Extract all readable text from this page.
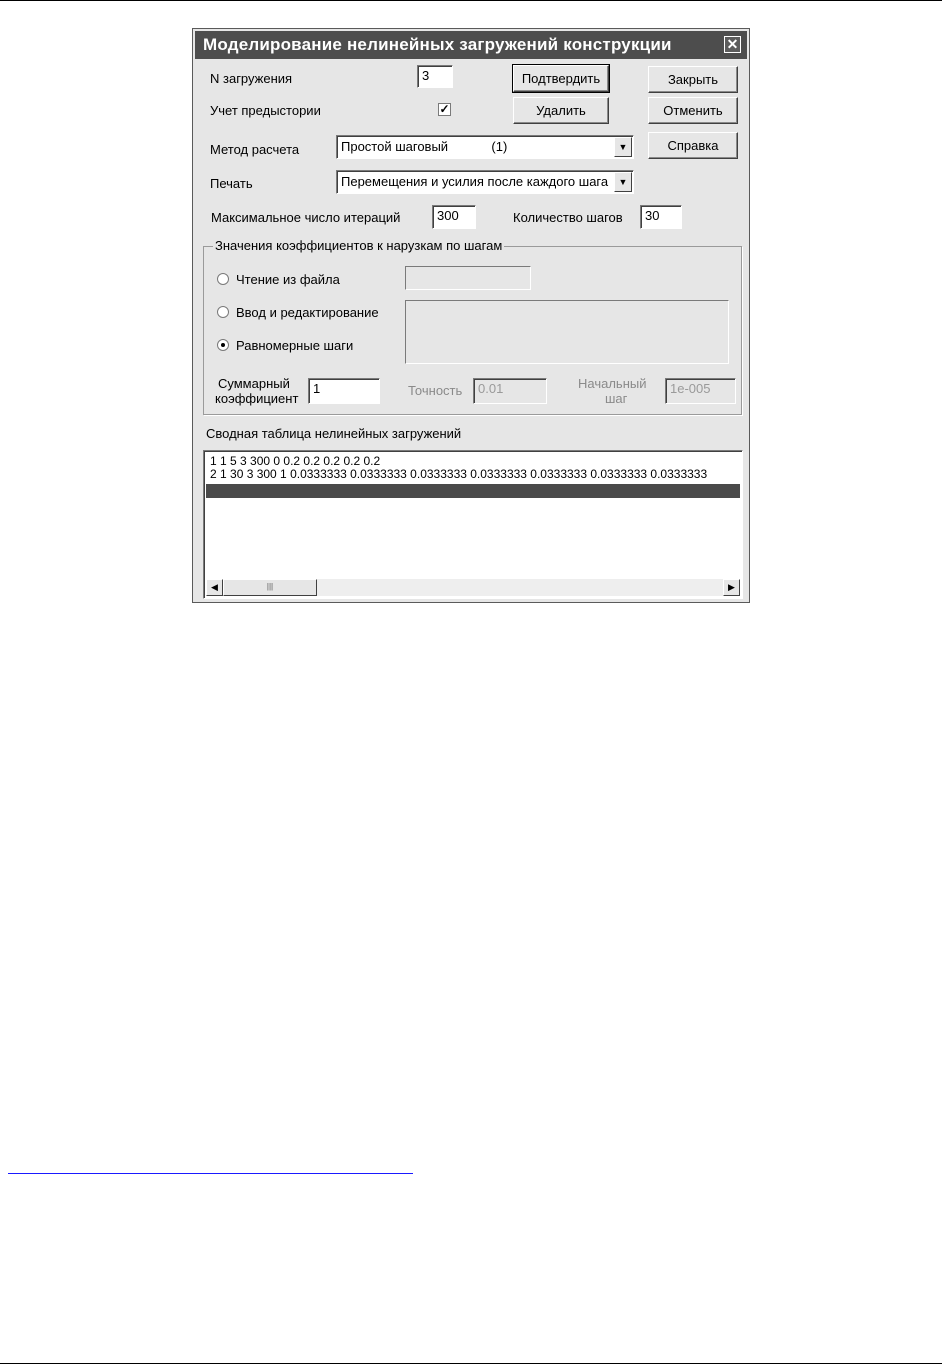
Моделирование нелинейных загружений конструкции	✕
N загружения	3	Подтвердить	Закрыть
Учет предыстории	✓	Удалить	Отменить
Метод расчета	Простой шаговый            (1)	▼	Справка
Печать	Перемещения и усилия после каждого шага	▼
Максимальное число итераций	300	Количество шагов	30
Значения коэффициентов к нарузкам по шагам
Чтение из файла
Ввод и редактирование
Равномерные шаги
Суммарный
коэффициент
1	Точность	0.01	Начальный
шаг
1e-005
Сводная таблица нелинейных загружений
1 1 5 3 300 0 0.2 0.2 0.2 0.2 0.2
2 1 30 3 300 1 0.0333333 0.0333333 0.0333333 0.0333333 0.0333333 0.0333333 0.0333333
◀	|||	▶
